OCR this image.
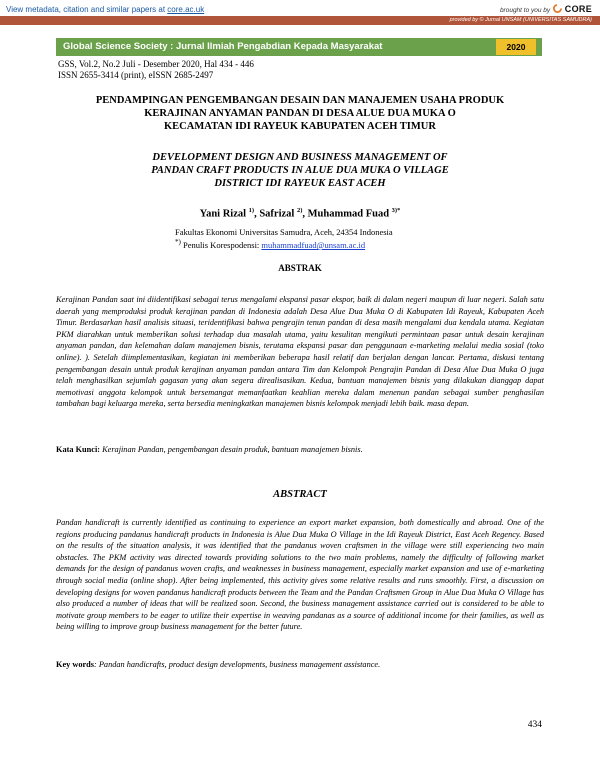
View metadata, citation and similar papers at core.ac.uk	brought to you by CORE
provided by © Jurnal UNSAM (UNIVERSITAS SAMUDRA)
Global Science Society : Jurnal Ilmiah Pengabdian Kepada Masyarakat	2020
GSS, Vol.2, No.2 Juli - Desember 2020, Hal 434 - 446
ISSN 2655-3414 (print), eISSN 2685-2497
PENDAMPINGAN PENGEMBANGAN DESAIN DAN MANAJEMEN USAHA PRODUK
KERAJINAN ANYAMAN PANDAN DI DESA ALUE DUA MUKA O
KECAMATAN IDI RAYEUK KABUPATEN ACEH TIMUR
DEVELOPMENT DESIGN AND BUSINESS MANAGEMENT OF
PANDAN CRAFT PRODUCTS IN ALUE DUA MUKA O VILLAGE
DISTRICT IDI RAYEUK EAST ACEH
Yani Rizal $^{1)}$, Safrizal $^{2)}$, Muhammad Fuad $^{3)*}$
Fakultas Ekonomi Universitas Samudra, Aceh, 24354 Indonesia
*) Penulis Korespodensi: muhammadfuad@unsam.ac.id
ABSTRAK

Kerajinan Pandan saat ini diidentifikasi sebagai terus mengalami ekspansi pasar ekspor, baik di dalam negeri maupun di luar negeri. Salah satu daerah yang memproduksi produk kerajinan pandan di Indonesia adalah Desa Alue Dua Muka O di Kabupaten Idi Rayeuk, Kabupaten Aceh Timur. Berdasarkan hasil analisis situasi, teridentifikasi bahwa pengrajin tenun pandan di desa masih mengalami dua kendala utama. Kegiatan PKM diarahkan untuk memberikan solusi terhadap dua masalah utama, yaitu kesulitan mengikuti permintaan pasar untuk desain kerajinan anyaman pandan, dan kelemahan dalam manajemen bisnis, terutama ekspansi pasar dan penggunaan e-marketing melalui media sosial (toko online). ). Setelah diimplementasikan, kegiatan ini memberikan beberapa hasil relatif dan berjalan dengan lancar. Pertama, diskusi tentang pengembangan desain untuk produk kerajinan anyaman pandan antara Tim dan Kelompok Pengrajin Pandan di Desa Alue Dua Muka O juga telah menghasilkan sejumlah gagasan yang akan segera direalisasikan. Kedua, bantuan manajemen bisnis yang dilakukan dianggap dapat memotivasi anggota kelompok untuk bersemangat memanfaatkan keahlian mereka dalam menenun pandan sebagai sumber penghasilan tambahan bagi keluarga mereka, serta bersedia meningkatkan manajemen bisnis kelompok menjadi lebih baik. masa depan.

Kata Kunci: Kerajinan Pandan, pengembangan desain produk, bantuan manajemen bisnis.
ABSTRACT

Pandan handicraft is currently identified as continuing to experience an export market expansion, both domestically and abroad. One of the regions producing pandanus handicraft products in Indonesia is Alue Dua Muka O Village in the Idi Rayeuk District, East Aceh Regency. Based on the results of the situation analysis, it was identified that the pandanus woven craftsmen in the village were still experiencing two main obstacles. The PKM activity was directed towards providing solutions to the two main problems, namely the difficulty of following market demands for the design of pandanus woven crafts, and weaknesses in business management, especially market expansion and use of e-marketing through social media (online shop). After being implemented, this activity gives some relative results and runs smoothly. First, a discussion on developing designs for woven pandanus handicraft products between the Team and the Pandan Craftsmen Group in Alue Dua Muka O Village has also produced a number of ideas that will be realized soon. Second, the business management assistance carried out is considered to be able to motivate group members to be eager to utilize their expertise in weaving pandanas as a source of additional income for their families, as well as being willing to improve group business management for the better future.

Key words: Pandan handicrafts, product design developments, business management assistance.
434
